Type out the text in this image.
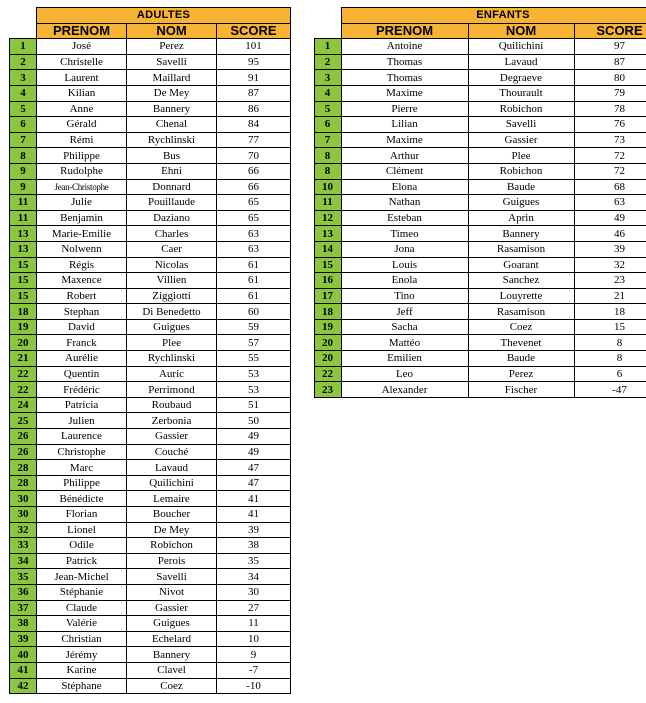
	ADULTES		
	PRENOM	NOM	SCORE
1	José	Perez	101
2	Christelle	Savelli	95
3	Laurent	Maillard	91
4	Kilian	De Mey	87
5	Anne	Bannery	86
6	Gérald	Chenal	84
7	Rémi	Rychlinski	77
8	Philippe	Bus	70
9	Rudolphe	Ehni	66
9	Jean-Christophe	Donnard	66
11	Julie	Pouillaude	65
11	Benjamin	Daziano	65
13	Marie-Emilie	Charles	63
13	Nolwenn	Caer	63
15	Régis	Nicolas	61
15	Maxence	Villien	61
15	Robert	Ziggiotti	61
18	Stephan	Di Benedetto	60
19	David	Guigues	59
20	Franck	Plee	57
21	Aurélie	Rychlinski	55
22	Quentin	Auric	53
22	Frédéric	Perrimond	53
24	Patricia	Roubaud	51
25	Julien	Zerbonia	50
26	Laurence	Gassier	49
26	Christophe	Couché	49
28	Marc	Lavaud	47
28	Philippe	Quilichini	47
30	Bénédicte	Lemaire	41
30	Florian	Boucher	41
32	Lionel	De Mey	39
33	Odile	Robichon	38
34	Patrick	Perois	35
35	Jean-Michel	Savelli	34
36	Stéphanie	Nivot	30
37	Claude	Gassier	27
38	Valérie	Guigues	11
39	Christian	Echelard	10
40	Jérémy	Bannery	9
41	Karine	Clavel	-7
42	Stéphane	Coez	-10
		ENFANTS		
		PRENOM	NOM	SCORE
	1	Antoine	Quilichini	97
	2	Thomas	Lavaud	87
	3	Thomas	Degraeve	80
	4	Maxime	Thourault	79
	5	Pierre	Robichon	78
	6	Lilian	Savelli	76
	7	Maxime	Gassier	73
	8	Arthur	Plee	72
	8	Clément	Robichon	72
	10	Elona	Baude	68
	11	Nathan	Guigues	63
	12	Esteban	Aprin	49
	13	Timeo	Bannery	46
	14	Jona	Rasamison	39
	15	Louis	Goarant	32
	16	Enola	Sanchez	23
	17	Tino	Louyrette	21
	18	Jeff	Rasamison	18
	19	Sacha	Coez	15
	20	Mattéo	Thevenet	8
	20	Emilien	Baude	8
	22	Leo	Perez	6
	23	Alexander	Fischer	-47
